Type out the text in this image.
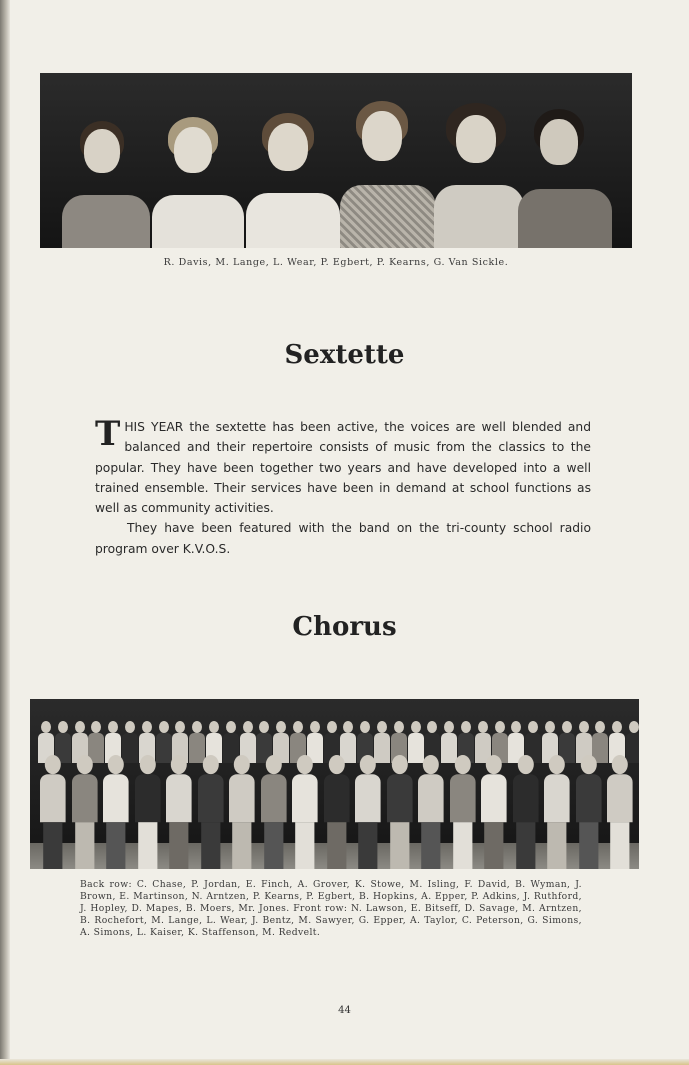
R. Davis, M. Lange, L. Wear, P. Egbert, P. Kearns, G. Van Sickle.

Sextette

THIS YEAR the sextette has been active, the voices are well blended and balanced and their repertoire consists of music from the classics to the popular. They have been together two years and have developed into a well trained ensemble. Their services have been in demand at school functions as well as community activities.

They have been featured with the band on the tri-county school radio program over K.V.O.S.

Chorus

Back row: C. Chase, P. Jordan, E. Finch, A. Grover, K. Stowe, M. Isling, F. David, B. Wyman, J. Brown, E. Martinson, N. Arntzen, P. Kearns, P. Egbert, B. Hopkins, A. Epper, P. Adkins, J. Ruthford, J. Hopley, D. Mapes, B. Moers, Mr. Jones. Front row: N. Lawson, E. Bitseff, D. Savage, M. Arntzen, B. Rochefort, M. Lange, L. Wear, J. Bentz, M. Sawyer, G. Epper, A. Taylor, C. Peterson, G. Simons, A. Simons, L. Kaiser, K. Staffenson, M. Redvelt.

44
